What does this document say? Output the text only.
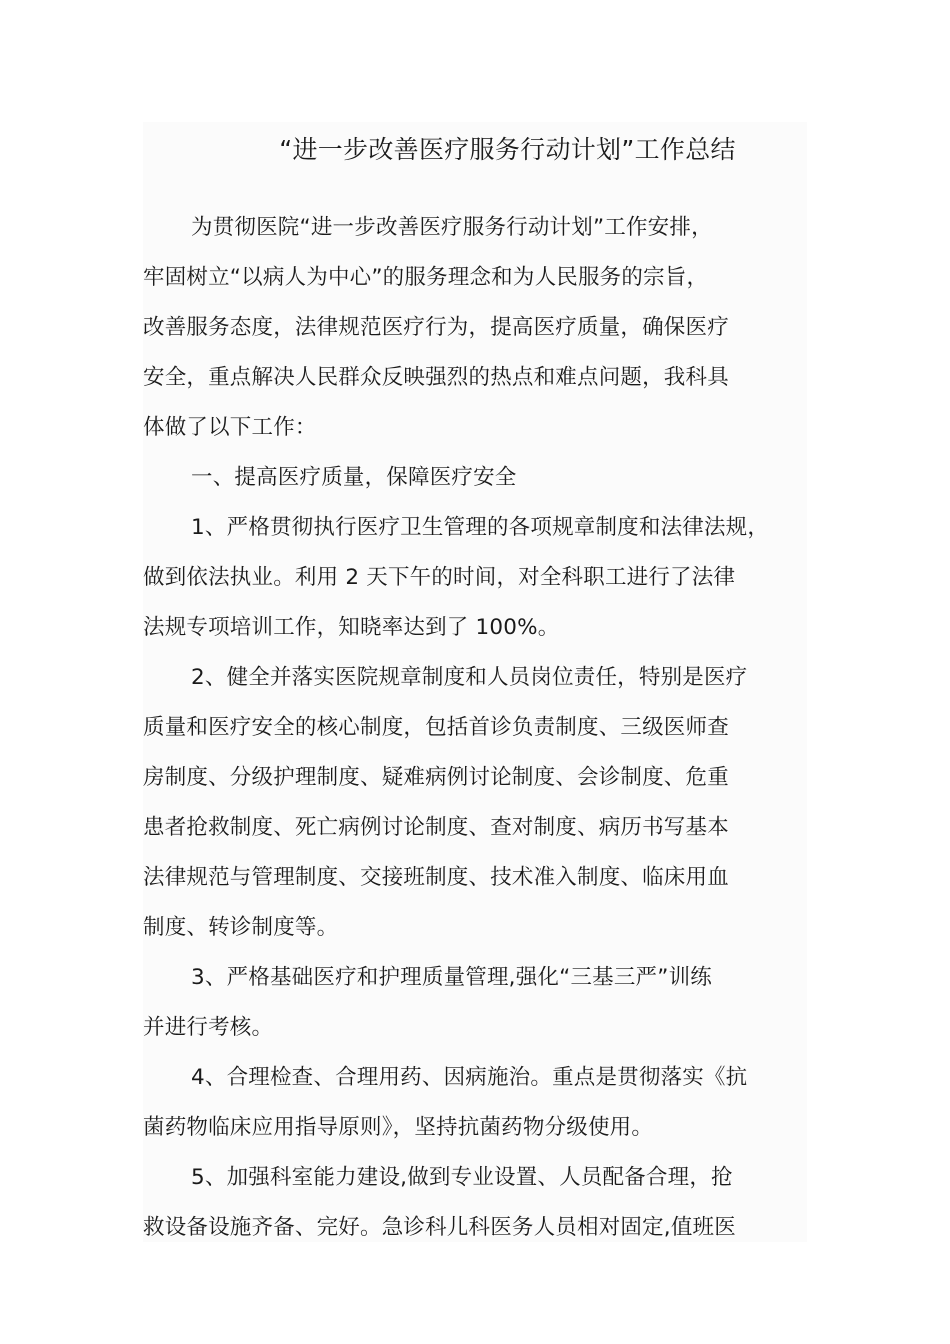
“进一步改善医疗服务行动计划”工作总结

为贯彻医院“进一步改善医疗服务行动计划”工作安排，
牢固树立“以病人为中心”的服务理念和为人民服务的宗旨，
改善服务态度，法律规范医疗行为，提高医疗质量，确保医疗
安全，重点解决人民群众反映强烈的热点和难点问题，我科具
体做了以下工作：

一、提高医疗质量，保障医疗安全

1、严格贯彻执行医疗卫生管理的各项规章制度和法律法规，
做到依法执业。利用 2 天下午的时间，对全科职工进行了法律
法规专项培训工作，知晓率达到了 100%。

2、健全并落实医院规章制度和人员岗位责任，特别是医疗
质量和医疗安全的核心制度，包括首诊负责制度、三级医师查
房制度、分级护理制度、疑难病例讨论制度、会诊制度、危重
患者抢救制度、死亡病例讨论制度、查对制度、病历书写基本
法律规范与管理制度、交接班制度、技术准入制度、临床用血
制度、转诊制度等。

3、严格基础医疗和护理质量管理,强化“三基三严”训练
并进行考核。

4、合理检查、合理用药、因病施治。重点是贯彻落实《抗
菌药物临床应用指导原则》，坚持抗菌药物分级使用。

5、加强科室能力建设,做到专业设置、人员配备合理，抢
救设备设施齐备、完好。急诊科儿科医务人员相对固定,值班医
